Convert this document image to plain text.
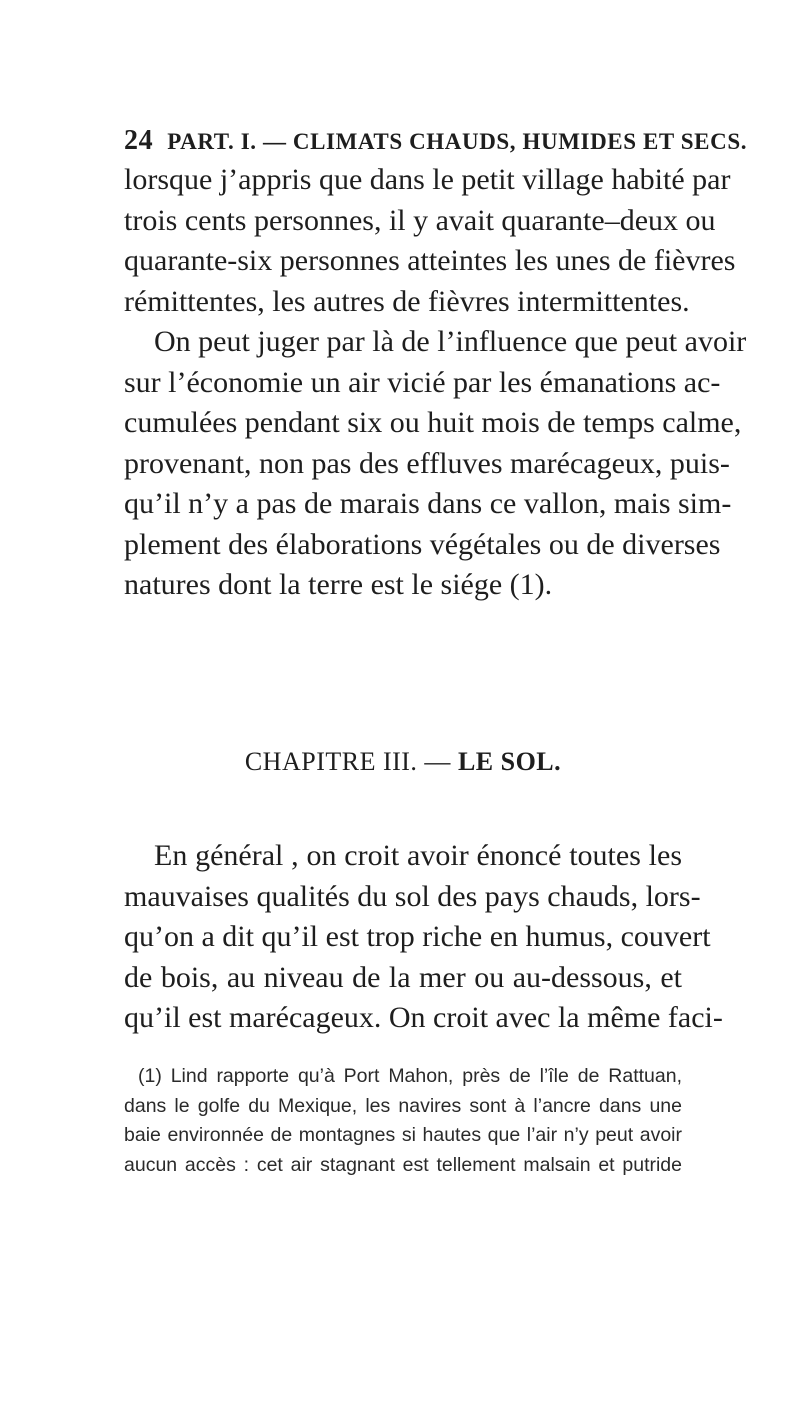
24 PART. I. — CLIMATS CHAUDS, HUMIDES ET SECS.
lorsque j’appris que dans le petit village habité par
trois cents personnes, il y avait quarante–deux ou
quarante-six personnes atteintes les unes de fièvres
rémittentes, les autres de fièvres intermittentes.
On peut juger par là de l’influence que peut avoir
sur l’économie un air vicié par les émanations ac-
cumulées pendant six ou huit mois de temps calme,
provenant, non pas des effluves marécageux, puis-
qu’il n’y a pas de marais dans ce vallon, mais sim-
plement des élaborations végétales ou de diverses
natures dont la terre est le siége (1).
CHAPITRE III. — LE SOL.
En général , on croit avoir énoncé toutes les
mauvaises qualités du sol des pays chauds, lors-
qu’on a dit qu’il est trop riche en humus, couvert
de bois, au niveau de la mer ou au-dessous, et
qu’il est marécageux. On croit avec la même faci-
(1) Lind rapporte qu’à Port Mahon, près de l’île de Rattuan,
dans le golfe du Mexique, les navires sont à l’ancre dans une
baie environnée de montagnes si hautes que l’air n’y peut avoir
aucun accès : cet air stagnant est tellement malsain et putride
